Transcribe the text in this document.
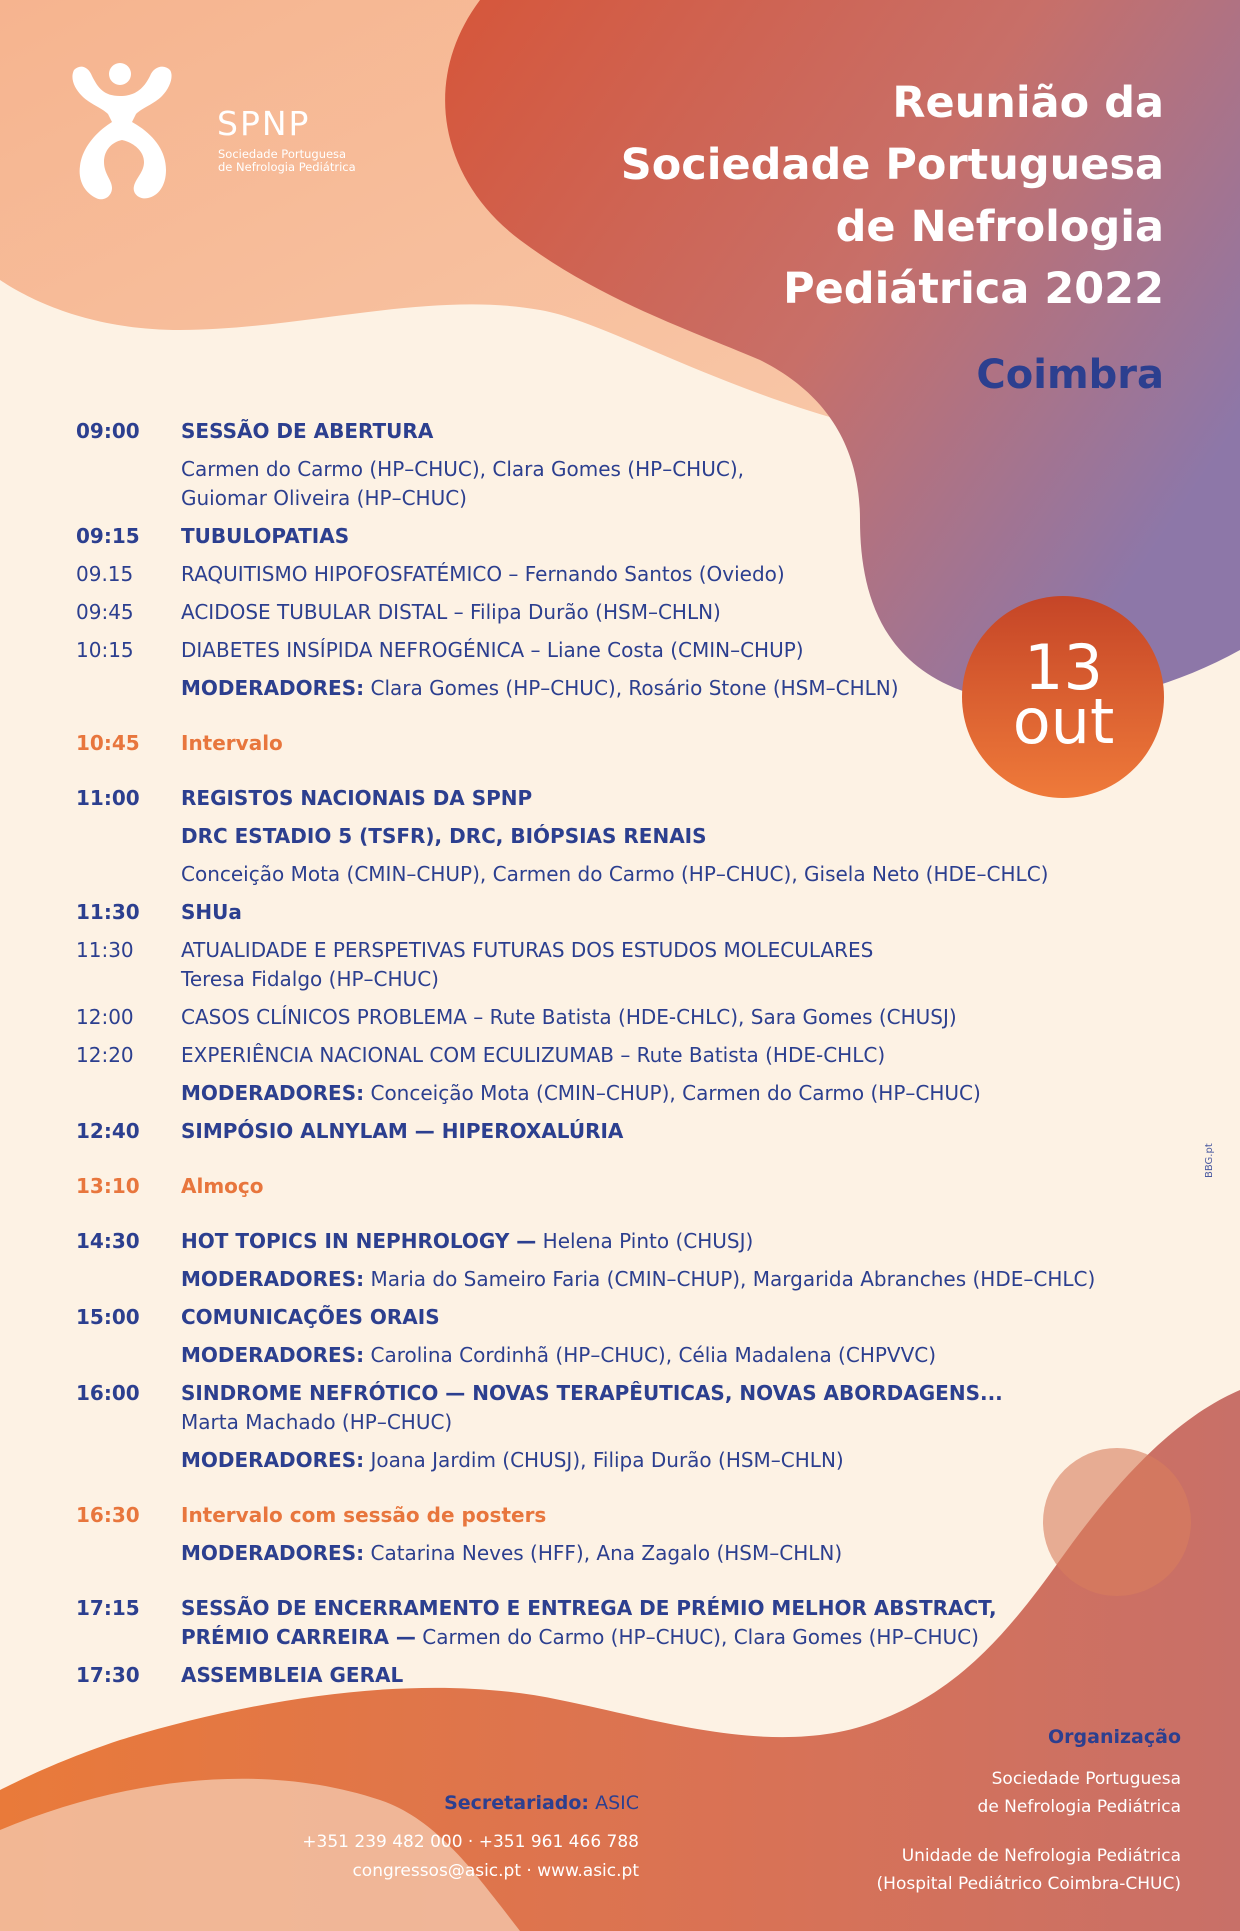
SPNP
Sociedade Portuguesa
de Nefrologia Pediátrica
Reunião da
Sociedade Portuguesa
de Nefrologia
Pediátrica 2022
Coimbra
13
out
09:00	SESSÃO DE ABERTURA
Carmen do Carmo (HP–CHUC), Clara Gomes (HP–CHUC),
Guiomar Oliveira (HP–CHUC)
09:15	TUBULOPATIAS
09.15	RAQUITISMO HIPOFOSFATÉMICO – Fernando Santos (Oviedo)
09:45	ACIDOSE TUBULAR DISTAL – Filipa Durão (HSM–CHLN)
10:15	DIABETES INSÍPIDA NEFROGÉNICA – Liane Costa (CMIN–CHUP)
MODERADORES: Clara Gomes (HP–CHUC), Rosário Stone (HSM–CHLN)
10:45	Intervalo
11:00	REGISTOS NACIONAIS DA SPNP
DRC ESTADIO 5 (TSFR), DRC, BIÓPSIAS RENAIS
Conceição Mota (CMIN–CHUP), Carmen do Carmo (HP–CHUC), Gisela Neto (HDE–CHLC)
11:30	SHUa
11:30	ATUALIDADE E PERSPETIVAS FUTURAS DOS ESTUDOS MOLECULARES
Teresa Fidalgo (HP–CHUC)
12:00	CASOS CLÍNICOS PROBLEMA – Rute Batista (HDE-CHLC), Sara Gomes (CHUSJ)
12:20	EXPERIÊNCIA NACIONAL COM ECULIZUMAB – Rute Batista (HDE-CHLC)
MODERADORES: Conceição Mota (CMIN–CHUP), Carmen do Carmo (HP–CHUC)
12:40	SIMPÓSIO ALNYLAM — HIPEROXALÚRIA
13:10	Almoço
14:30	HOT TOPICS IN NEPHROLOGY — Helena Pinto (CHUSJ)
MODERADORES: Maria do Sameiro Faria (CMIN–CHUP), Margarida Abranches (HDE–CHLC)
15:00	COMUNICAÇÕES ORAIS
MODERADORES: Carolina Cordinhã (HP–CHUC), Célia Madalena (CHPVVC)
16:00	SINDROME NEFRÓTICO — NOVAS TERAPÊUTICAS, NOVAS ABORDAGENS...
Marta Machado (HP–CHUC)
MODERADORES: Joana Jardim (CHUSJ), Filipa Durão (HSM–CHLN)
16:30	Intervalo com sessão de posters
MODERADORES: Catarina Neves (HFF), Ana Zagalo (HSM–CHLN)
17:15	SESSÃO DE ENCERRAMENTO E ENTREGA DE PRÉMIO MELHOR ABSTRACT,
PRÉMIO CARREIRA — Carmen do Carmo (HP–CHUC), Clara Gomes (HP–CHUC)
17:30	ASSEMBLEIA GERAL
Secretariado: ASIC
+351 239 482 000 · +351 961 466 788
congressos@asic.pt · www.asic.pt
Organização
Sociedade Portuguesa
de Nefrologia Pediátrica
Unidade de Nefrologia Pediátrica
(Hospital Pediátrico Coimbra-CHUC)
BBG.pt
